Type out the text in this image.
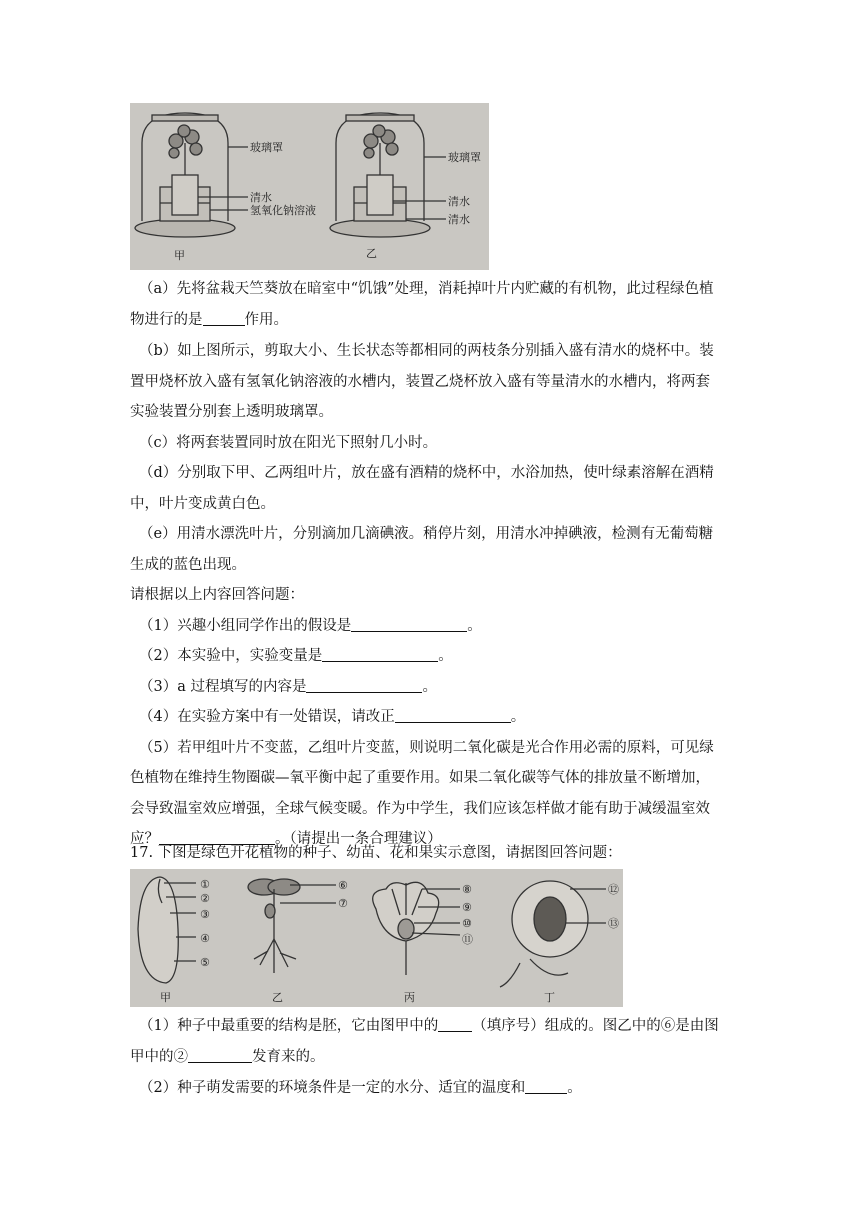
玻璃罩
清水
氢氧化钠溶液
甲
玻璃罩
清水
清水
乙
（a）先将盆栽天竺葵放在暗室中“饥饿”处理，消耗掉叶片内贮藏的有机物，此过程绿色植
物进行的是	作用。
（b）如上图所示，剪取大小、生长状态等都相同的两枝条分别插入盛有清水的烧杯中。装
置甲烧杯放入盛有氢氧化钠溶液的水槽内，装置乙烧杯放入盛有等量清水的水槽内，将两套
实验装置分别套上透明玻璃罩。
（c）将两套装置同时放在阳光下照射几小时。
（d）分别取下甲、乙两组叶片，放在盛有酒精的烧杯中，水浴加热，使叶绿素溶解在酒精
中，叶片变成黄白色。
（e）用清水漂洗叶片，分别滴加几滴碘液。稍停片刻，用清水冲掉碘液，检测有无葡萄糖
生成的蓝色出现。
请根据以上内容回答问题：
（1）兴趣小组同学作出的假设是	。
（2）本实验中，实验变量是	。
（3）a 过程填写的内容是	。
（4）在实验方案中有一处错误，请改正	。
（5）若甲组叶片不变蓝，乙组叶片变蓝，则说明二氧化碳是光合作用必需的原料，可见绿
色植物在维持生物圈碳—氧平衡中起了重要作用。如果二氧化碳等气体的排放量不断增加，
会导致温室效应增强，全球气候变暖。作为中学生，我们应该怎样做才能有助于减缓温室效
应？	。（请提出一条合理建议）
17. 下图是绿色开花植物的种子、幼苗、花和果实示意图，请据图回答问题：
①
②
③
④
⑤
⑥
⑦
⑧
⑨
⑩
⑪
⑫
⑬
甲	乙	丙	丁
（1）种子中最重要的结构是胚，它由图甲中的 （填序号）组成的。图乙中的⑥是由图
甲中的②	发育来的。
（2）种子萌发需要的环境条件是一定的水分、适宜的温度和	。
